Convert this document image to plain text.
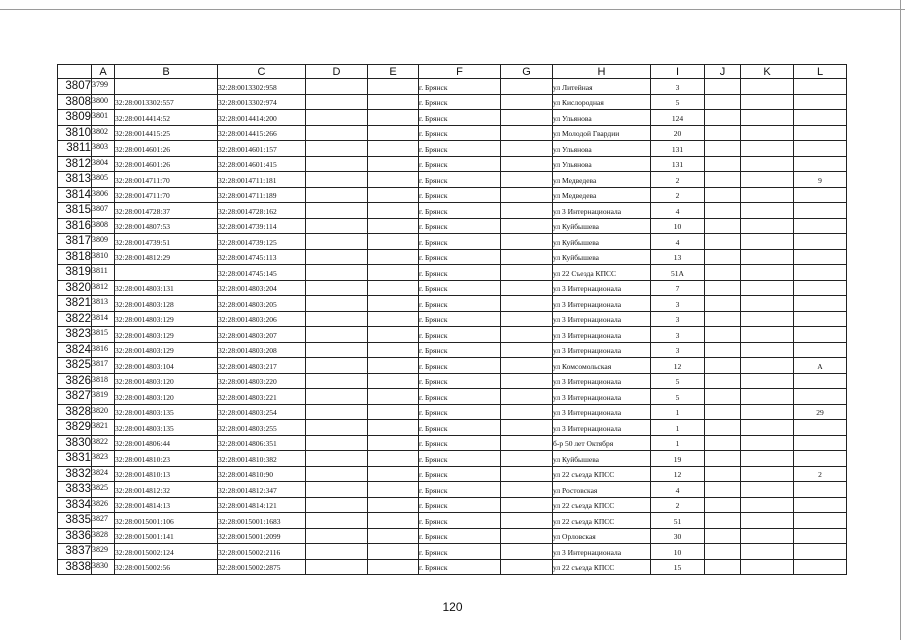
	A	B	C	D	E	F	G	H	I	J	K	L
3807	3799		32:28:0013302:958			г. Брянск		ул Литейная	3			
3808	3800	32:28:0013302:557	32:28:0013302:974			г. Брянск		ул Кислородная	5			
3809	3801	32:28:0014414:52	32:28:0014414:200			г. Брянск		ул Ульянова	124			
3810	3802	32:28:0014415:25	32:28:0014415:266			г. Брянск		ул Молодой Гвардии	20			
3811	3803	32:28:0014601:26	32:28:0014601:157			г. Брянск		ул Ульянова	131			
3812	3804	32:28:0014601:26	32:28:0014601:415			г. Брянск		ул Ульянова	131			
3813	3805	32:28:0014711:70	32:28:0014711:181			г. Брянск		ул Медведева	2			9
3814	3806	32:28:0014711:70	32:28:0014711:189			г. Брянск		ул Медведева	2			
3815	3807	32:28:0014728:37	32:28:0014728:162			г. Брянск		ул 3 Интернационала	4			
3816	3808	32:28:0014807:53	32:28:0014739:114			г. Брянск		ул Куйбышева	10			
3817	3809	32:28:0014739:51	32:28:0014739:125			г. Брянск		ул Куйбышева	4			
3818	3810	32:28:0014812:29	32:28:0014745:113			г. Брянск		ул Куйбышева	13			
3819	3811		32:28:0014745:145			г. Брянск		ул 22 Съезда КПСС	51А			
3820	3812	32:28:0014803:131	32:28:0014803:204			г. Брянск		ул 3 Интернационала	7			
3821	3813	32:28:0014803:128	32:28:0014803:205			г. Брянск		ул 3 Интернационала	3			
3822	3814	32:28:0014803:129	32:28:0014803:206			г. Брянск		ул 3 Интернационала	3			
3823	3815	32:28:0014803:129	32:28:0014803:207			г. Брянск		ул 3 Интернационала	3			
3824	3816	32:28:0014803:129	32:28:0014803:208			г. Брянск		ул 3 Интернационала	3			
3825	3817	32:28:0014803:104	32:28:0014803:217			г. Брянск		ул Комсомольская	12			А
3826	3818	32:28:0014803:120	32:28:0014803:220			г. Брянск		ул 3 Интернационала	5			
3827	3819	32:28:0014803:120	32:28:0014803:221			г. Брянск		ул 3 Интернационала	5			
3828	3820	32:28:0014803:135	32:28:0014803:254			г. Брянск		ул 3 Интернационала	1			29
3829	3821	32:28:0014803:135	32:28:0014803:255			г. Брянск		ул 3 Интернационала	1			
3830	3822	32:28:0014806:44	32:28:0014806:351			г. Брянск		б-р 50 лет Октября	1			
3831	3823	32:28:0014810:23	32:28:0014810:382			г. Брянск		ул Куйбышева	19			
3832	3824	32:28:0014810:13	32:28:0014810:90			г. Брянск		ул 22 съезда КПСС	12			2
3833	3825	32:28:0014812:32	32:28:0014812:347			г. Брянск		ул Ростовская	4			
3834	3826	32:28:0014814:13	32:28:0014814:121			г. Брянск		ул 22 съезда КПСС	2			
3835	3827	32:28:0015001:106	32:28:0015001:1683			г. Брянск		ул 22 съезда КПСС	51			
3836	3828	32:28:0015001:141	32:28:0015001:2099			г. Брянск		ул Орловская	30			
3837	3829	32:28:0015002:124	32:28:0015002:2116			г. Брянск		ул 3 Интернационала	10			
3838	3830	32:28:0015002:56	32:28:0015002:2875			г. Брянск		ул 22 съезда КПСС	15			
120
